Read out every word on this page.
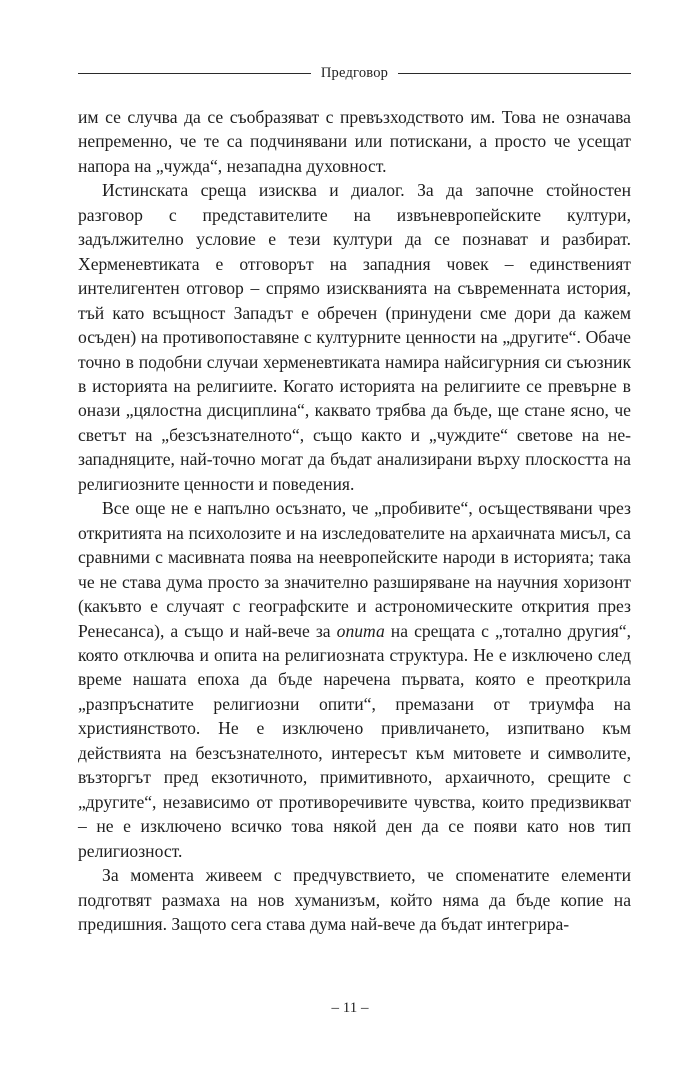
Предговор

им се случва да се съобразяват с превъзходството им. Това не означава непременно, че те са подчинявани или потискани, а просто че усещат напора на „чужда“, незападна духовност.

Истинската среща изисква и диалог. За да започне стойностен разговор с представителите на извъневропейските култури, задължително условие е тези култури да се познават и разбират. Херменевтиката е отговорът на западния човек – единственият интелигентен отговор – спрямо изискванията на съвременната история, тъй като всъщност Западът е обречен (принудени сме дори да кажем осъден) на противопоставяне с културните ценности на „другите“. Обаче точно в подобни случаи херменевтиката намира найсигурния си съюзник в историята на религиите. Когато историята на религиите се превърне в онази „цялостна дисциплина“, каквато трябва да бъде, ще стане ясно, че светът на „безсъзнателното“, също както и „чуждите“ светове на не-западняците, най-точно могат да бъдат анализирани върху плоскостта на религиозните ценности и поведения.

Все още не е напълно осъзнато, че „пробивите“, осъществявани чрез откритията на психолозите и на изследователите на архаичната мисъл, са сравними с масивната поява на неевропейските народи в историята; така че не става дума просто за значително разширяване на научния хоризонт (какъвто е случаят с географските и астрономическите открития през Ренесанса), а също и най-вече за опита на срещата с „тотално другия“, която отключва и опита на религиозната структура. Не е изключено след време нашата епоха да бъде наречена първата, която е преоткрила „разпръснатите религиозни опити“, премазани от триумфа на християнството. Не е изключено привличането, изпитвано към действията на безсъзнателното, интересът към митовете и символите, възторгът пред екзотичното, примитивното, архаичното, срещите с „другите“, независимо от противоречивите чувства, които предизвикват – не е изключено всичко това някой ден да се появи като нов тип религиозност.

За момента живеем с предчувствието, че споменатите елементи подготвят размаха на нов хуманизъм, който няма да бъде копие на предишния. Защото сега става дума най-вече да бъдат интегрира-

– 11 –
